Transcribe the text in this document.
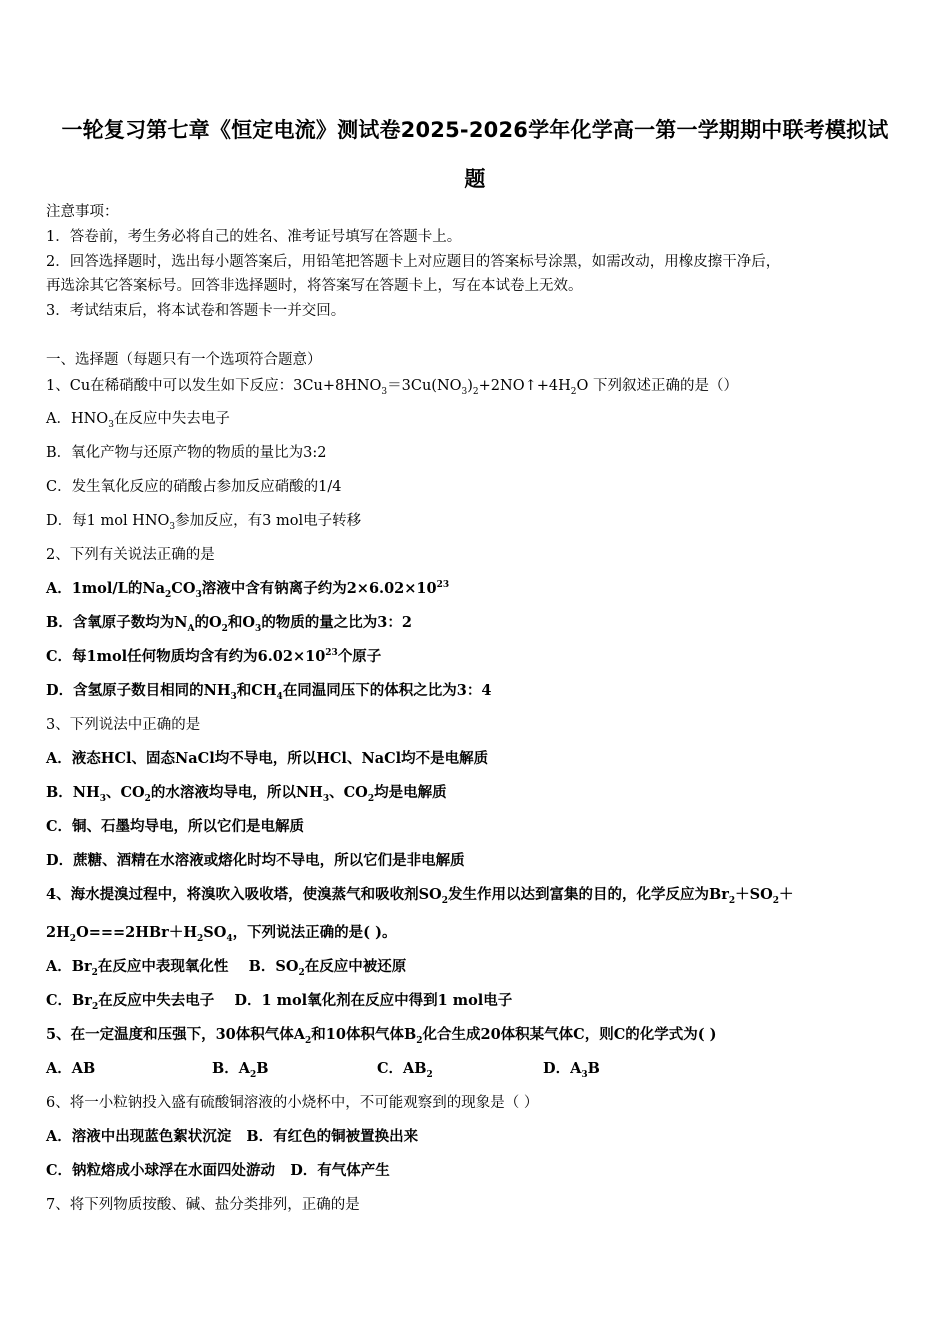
一轮复习第七章《恒定电流》测试卷2025-2026学年化学高一第一学期期中联考模拟试
题
注意事项：
1．答卷前，考生务必将自己的姓名、准考证号填写在答题卡上。
2．回答选择题时，选出每小题答案后，用铅笔把答题卡上对应题目的答案标号涂黑，如需改动，用橡皮擦干净后，
再选涂其它答案标号。回答非选择题时，将答案写在答题卡上，写在本试卷上无效。
3．考试结束后，将本试卷和答题卡一并交回。
一、选择题（每题只有一个选项符合题意）
1、Cu在稀硝酸中可以发生如下反应：$3Cu+8HNO_3=3Cu(NO_3)_2+2NO↑+4H_2O$ 下列叙述正确的是（）
A．$HNO_3$在反应中失去电子
B．氧化产物与还原产物的物质的量比为3:2
C．发生氧化反应的硝酸占参加反应硝酸的1/4
D．每1 mol $HNO_3$参加反应，有3 mol电子转移
2、下列有关说法正确的是
A．1mol/L的$Na_2CO_3$溶液中含有钠离子约为$2\times 6.02\times 10^{23}$
B．含氧原子数均为$N_A$的$O_2$和$O_3$的物质的量之比为3：2
C．每1mol任何物质均含有约为$6.02\times 10^{23}$个原子
D．含氢原子数目相同的$NH_3$和$CH_4$在同温同压下的体积之比为3：4
3、下列说法中正确的是
A．液态HCl、固态NaCl均不导电，所以HCl、NaCl均不是电解质
B．$NH_3$、$CO_2$的水溶液均导电，所以$NH_3$、$CO_2$均是电解质
C．铜、石墨均导电，所以它们是电解质
D．蔗糖、酒精在水溶液或熔化时均不导电，所以它们是非电解质
4、海水提溴过程中，将溴吹入吸收塔，使溴蒸气和吸收剂$SO_2$发生作用以达到富集的目的，化学反应为$Br_2+SO_2+$
$2H_2O===2HBr+H_2SO_4$，下列说法正确的是( )。
A．$Br_2$在反应中表现氧化性 B．$SO_2$在反应中被还原
C．$Br_2$在反应中失去电子 D．1 mol氧化剂在反应中得到1 mol电子
5、在一定温度和压强下，30体积气体$A_2$和10体积气体$B_2$化合生成20体积某气体C，则C的化学式为( )
A．AB	B．$A_2B$	C．$AB_2$	D．$A_3B$
6、将一小粒钠投入盛有硫酸铜溶液的小烧杯中，不可能观察到的现象是（ ）
A．溶液中出现蓝色絮状沉淀 B．有红色的铜被置换出来
C．钠粒熔成小球浮在水面四处游动 D．有气体产生
7、将下列物质按酸、碱、盐分类排列，正确的是
